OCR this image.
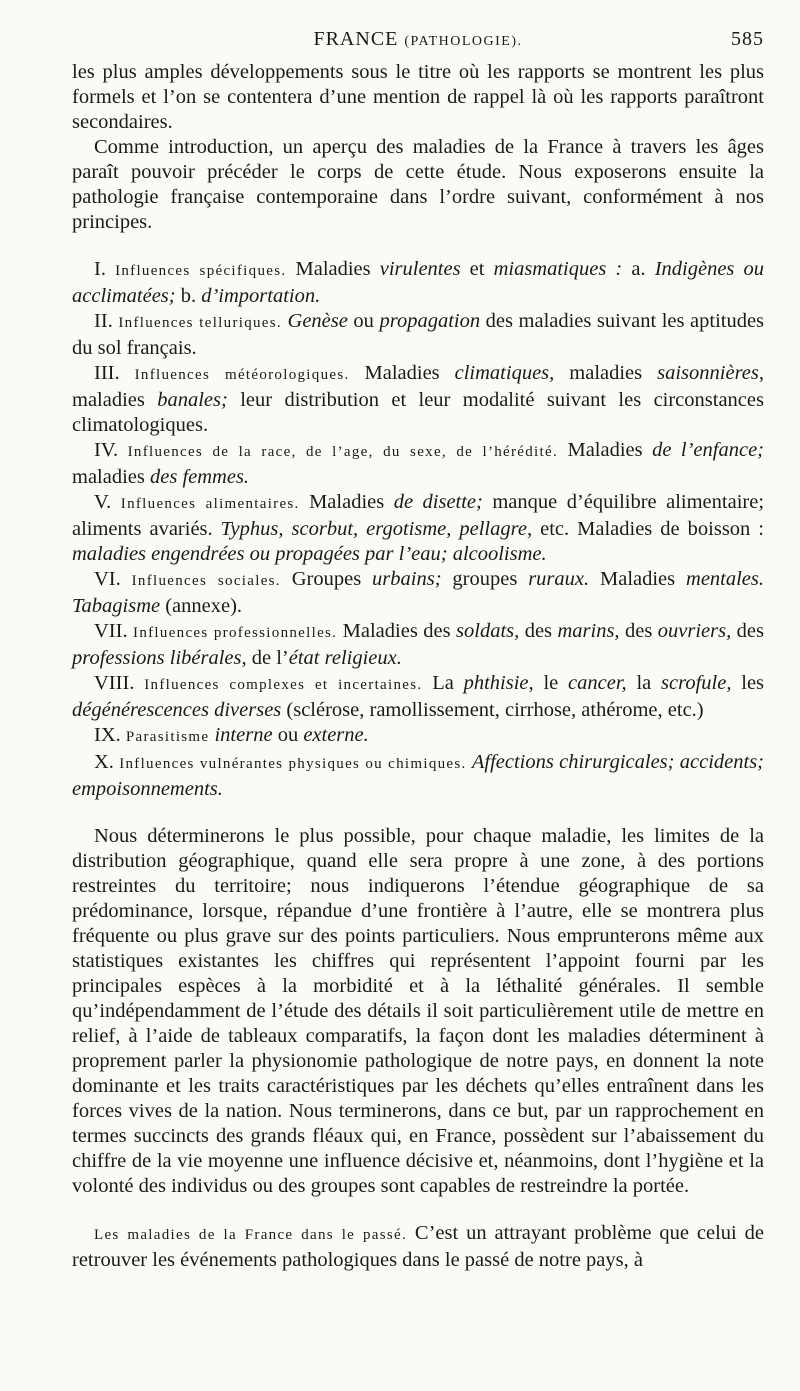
FRANCE (PATHOLOGIE).	585

les plus amples développements sous le titre où les rapports se montrent les plus formels et l’on se contentera d’une mention de rappel là où les rapports paraîtront secondaires.

Comme introduction, un aperçu des maladies de la France à travers les âges paraît pouvoir précéder le corps de cette étude. Nous exposerons ensuite la pathologie française contemporaine dans l’ordre suivant, conformément à nos principes.

I. Influences spécifiques. Maladies virulentes et miasmatiques : a. Indigènes ou acclimatées; b. d’importation.

II. Influences telluriques. Genèse ou propagation des maladies suivant les aptitudes du sol français.

III. Influences météorologiques. Maladies climatiques, maladies saisonnières, maladies banales; leur distribution et leur modalité suivant les circonstances climatologiques.

IV. Influences de la race, de l’age, du sexe, de l’hérédité. Maladies de l’enfance; maladies des femmes.

V. Influences alimentaires. Maladies de disette; manque d’équilibre alimentaire; aliments avariés. Typhus, scorbut, ergotisme, pellagre, etc. Maladies de boisson : maladies engendrées ou propagées par l’eau; alcoolisme.

VI. Influences sociales. Groupes urbains; groupes ruraux. Maladies mentales. Tabagisme (annexe).

VII. Influences professionnelles. Maladies des soldats, des marins, des ouvriers, des professions libérales, de l’état religieux.

VIII. Influences complexes et incertaines. La phthisie, le cancer, la scrofule, les dégénérescences diverses (sclérose, ramollissement, cirrhose, athérome, etc.)

IX. Parasitisme interne ou externe.

X. Influences vulnérantes physiques ou chimiques. Affections chirurgicales; accidents; empoisonnements.

Nous déterminerons le plus possible, pour chaque maladie, les limites de la distribution géographique, quand elle sera propre à une zone, à des portions restreintes du territoire; nous indiquerons l’étendue géographique de sa prédominance, lorsque, répandue d’une frontière à l’autre, elle se montrera plus fréquente ou plus grave sur des points particuliers. Nous emprunterons même aux statistiques existantes les chiffres qui représentent l’appoint fourni par les principales espèces à la morbidité et à la léthalité générales. Il semble qu’indépendamment de l’étude des détails il soit particulièrement utile de mettre en relief, à l’aide de tableaux comparatifs, la façon dont les maladies déterminent à proprement parler la physionomie pathologique de notre pays, en donnent la note dominante et les traits caractéristiques par les déchets qu’elles entraînent dans les forces vives de la nation. Nous terminerons, dans ce but, par un rapprochement en termes succincts des grands fléaux qui, en France, possèdent sur l’abaissement du chiffre de la vie moyenne une influence décisive et, néanmoins, dont l’hygiène et la volonté des individus ou des groupes sont capables de restreindre la portée.

Les maladies de la France dans le passé. C’est un attrayant problème que celui de retrouver les événements pathologiques dans le passé de notre pays, à
